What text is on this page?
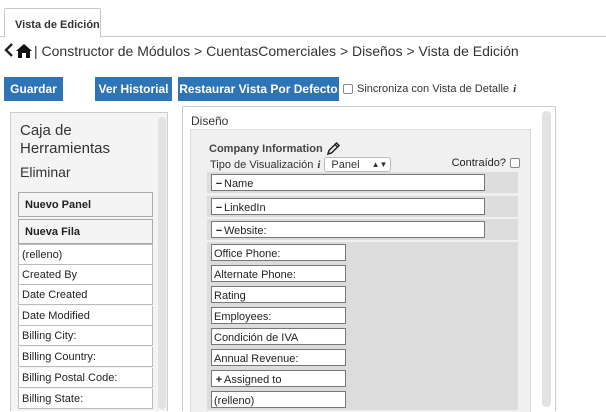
Vista de Edición
| Constructor de Módulos > CuentasComerciales > Diseños > Vista de Edición
Guardar	Ver Historial Restaurar Vista Por Defecto Sincroniza con Vista de Detalle i
Caja de Herramientas
Eliminar
Nuevo Panel
Nueva Fila
(relleno)
Created By
Date Created
Date Modified
Billing City:
Billing Country:
Billing Postal Code:
Billing State:
Diseño
Company Information
Tipo de Visualización i Panel ▲▼	Contraído?
− Name
− LinkedIn
− Website:
Office Phone:
Alternate Phone:
Rating
Employees:
Condición de IVA
Annual Revenue:
+ Assigned to
(relleno)
